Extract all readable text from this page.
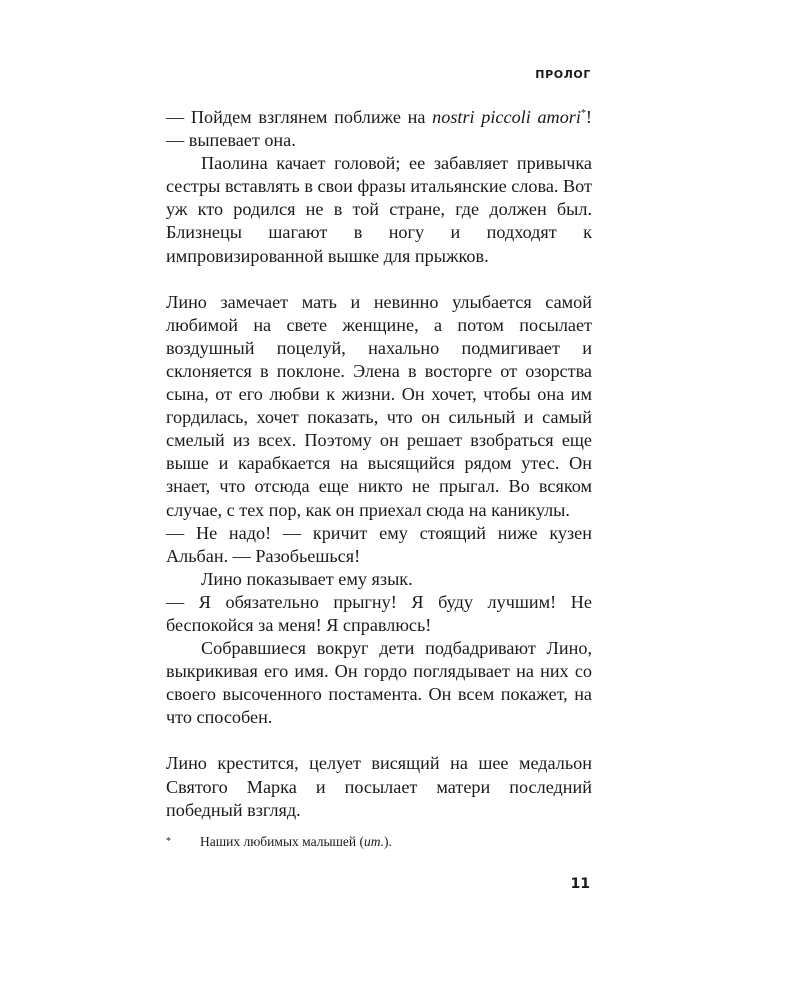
ПРОЛОГ

— Пойдем взглянем поближе на nostri piccoli amori*! — выпевает она.

Паолина качает головой; ее забавляет привычка сестры вставлять в свои фразы итальянские слова. Вот уж кто родился не в той стране, где должен был. Близнецы шагают в ногу и подходят к импровизированной вышке для прыжков.

Лино замечает мать и невинно улыбается самой любимой на свете женщине, а потом посылает воздушный поцелуй, нахально подмигивает и склоняется в поклоне. Элена в восторге от озорства сына, от его любви к жизни. Он хочет, чтобы она им гордилась, хочет показать, что он сильный и самый смелый из всех. Поэтому он решает взобраться еще выше и карабкается на высящийся рядом утес. Он знает, что отсюда еще никто не прыгал. Во всяком случае, с тех пор, как он приехал сюда на каникулы.

— Не надо! — кричит ему стоящий ниже кузен Альбан. — Разобьешься!

Лино показывает ему язык.

— Я обязательно прыгну! Я буду лучшим! Не беспокойся за меня! Я справлюсь!

Собравшиеся вокруг дети подбадривают Лино, выкрикивая его имя. Он гордо поглядывает на них со своего высоченного постамента. Он всем покажет, на что способен.

Лино крестится, целует висящий на шее медальон Святого Марка и посылает матери последний победный взгляд.

* Наших любимых малышей (ит.).
11
